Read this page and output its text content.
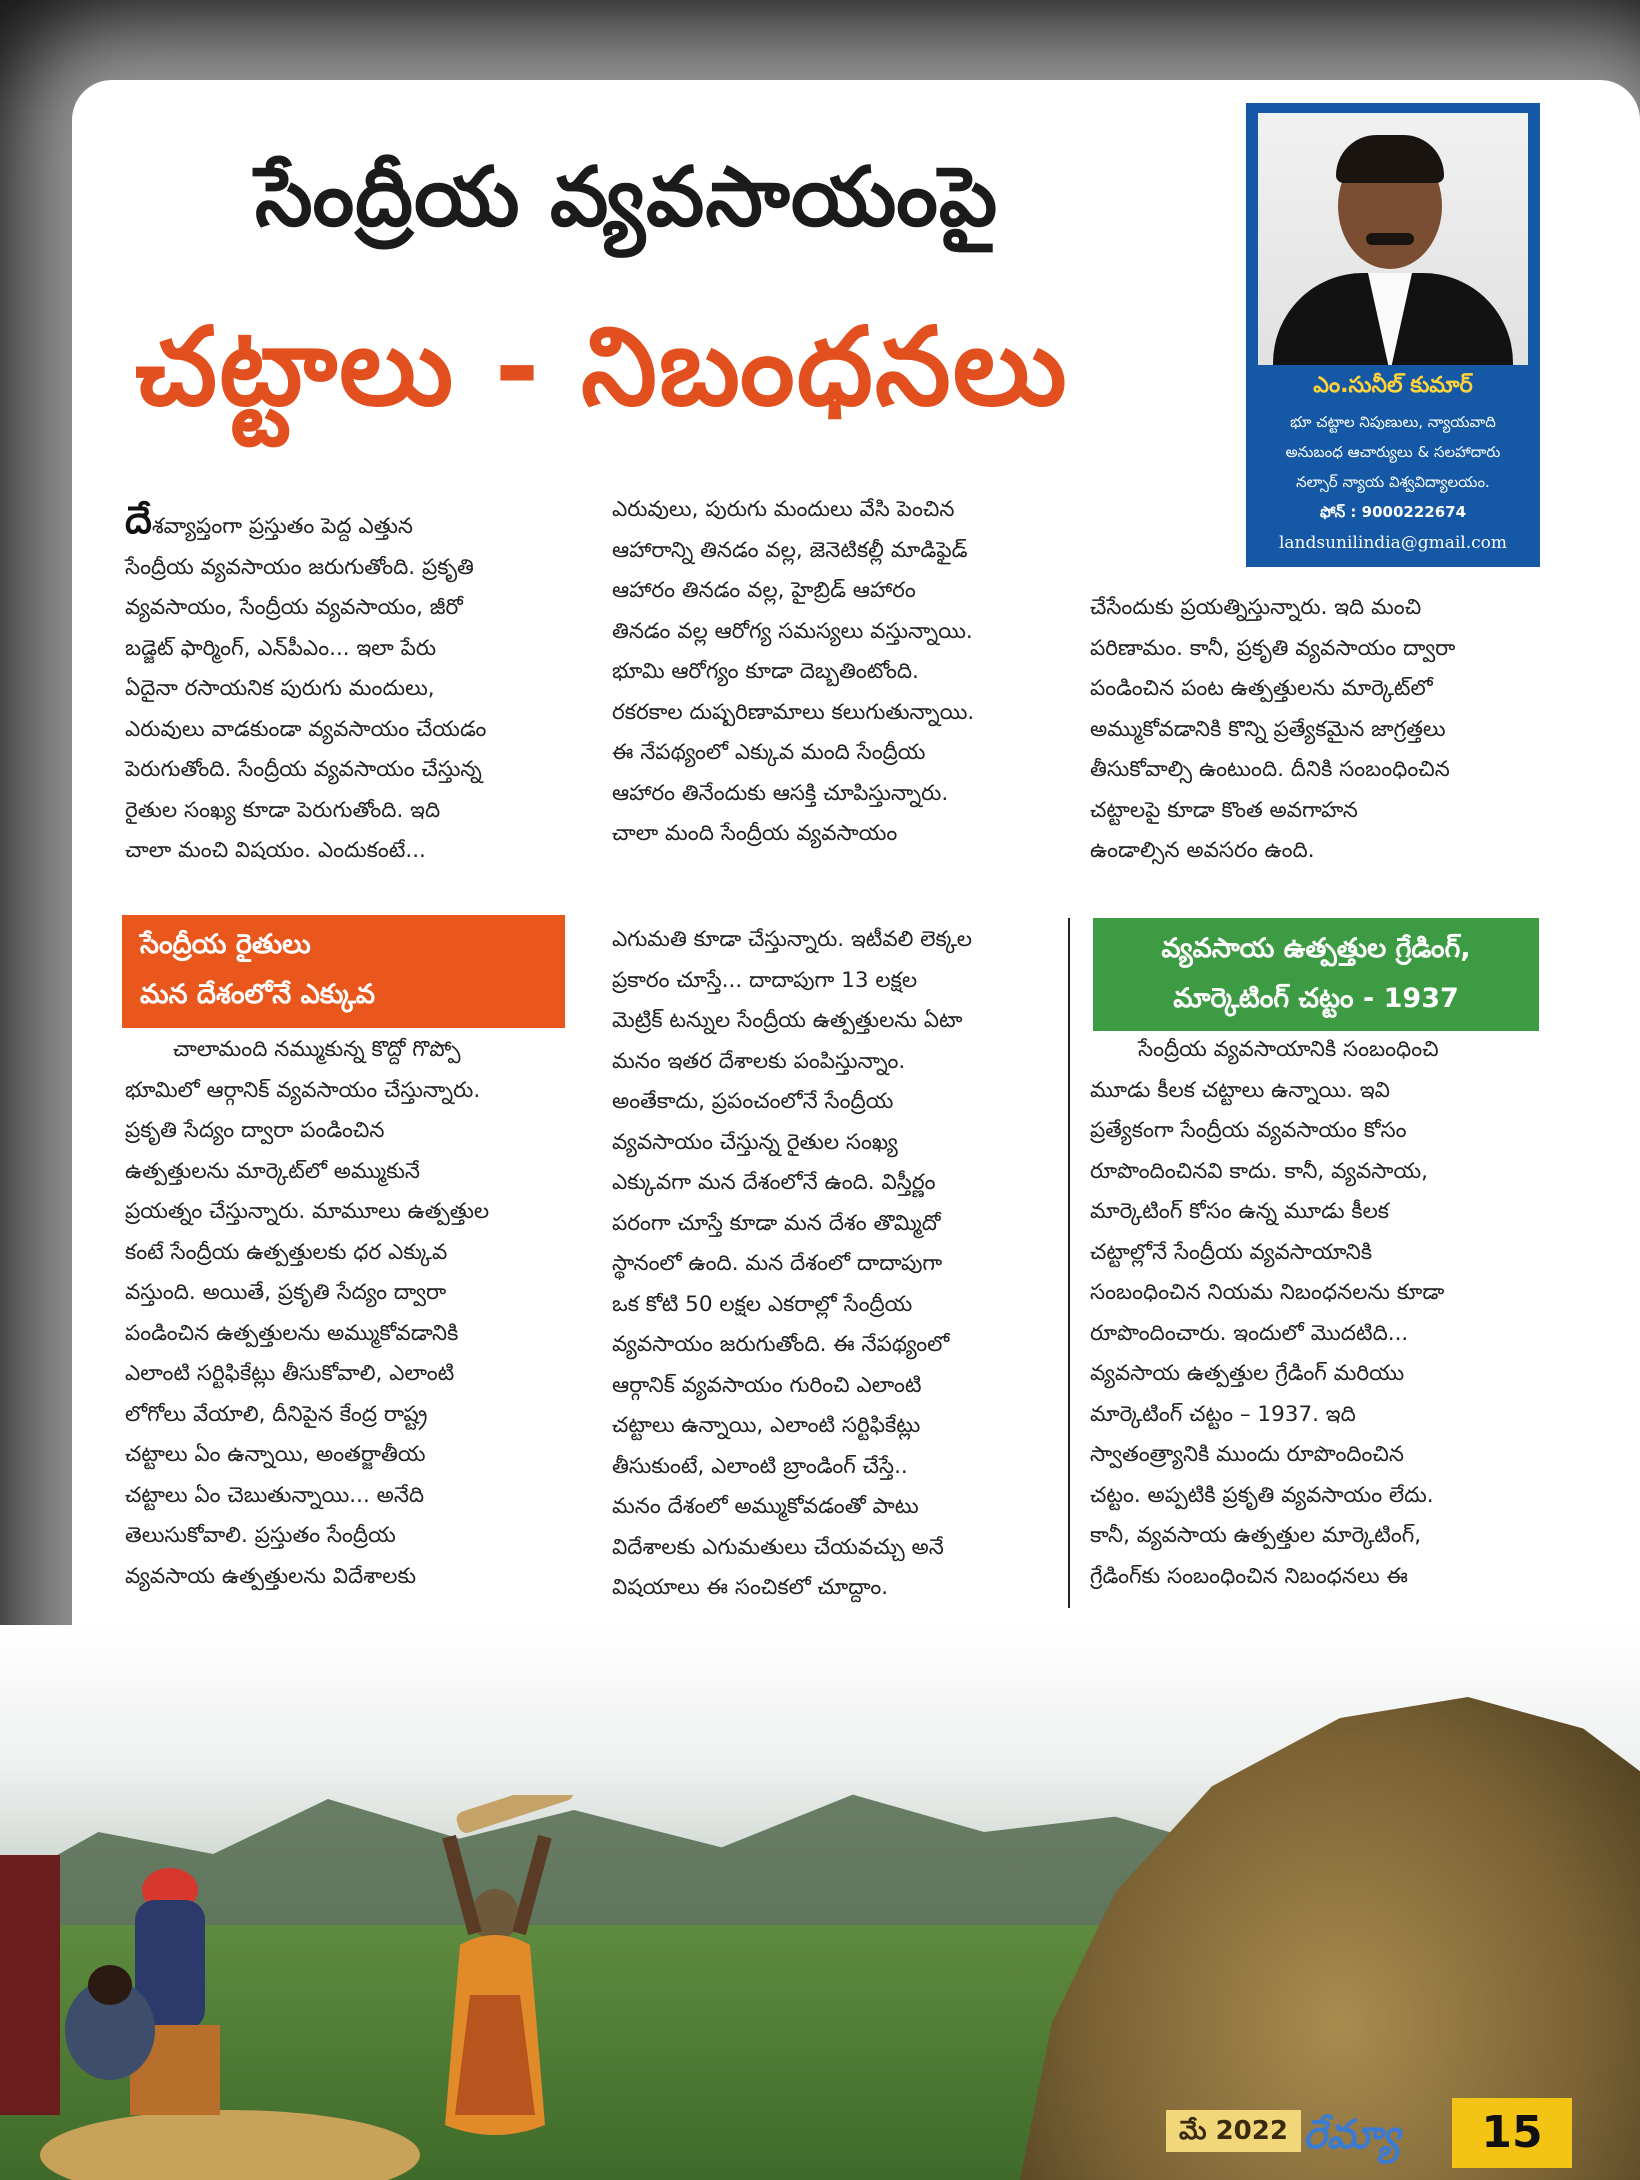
సేంద్రీయ వ్యవసాయంపై
చట్టాలు - నిబంధనలు	ఎం.సునీల్ కుమార్
భూ చట్టాల నిపుణులు, న్యాయవాది
అనుబంధ ఆచార్యులు & సలహాదారు
నల్సార్ న్యాయ విశ్వవిద్యాలయం.
ఫోన్ : 9000222674
landsunilindia@gmail.com
దేశవ్యాప్తంగా ప్రస్తుతం పెద్ద ఎత్తున
సేంద్రీయ వ్యవసాయం జరుగుతోంది. ప్రకృతి
వ్యవసాయం, సేంద్రీయ వ్యవసాయం, జీరో
బడ్జెట్ ఫార్మింగ్, ఎన్‌పీఎం... ఇలా పేరు
ఏదైనా రసాయనిక పురుగు మందులు,
ఎరువులు వాడకుండా వ్యవసాయం చేయడం
పెరుగుతోంది. సేంద్రీయ వ్యవసాయం చేస్తున్న
రైతుల సంఖ్య కూడా పెరుగుతోంది. ఇది
చాలా మంచి విషయం. ఎందుకంటే...
ఎరువులు, పురుగు మందులు వేసి పెంచిన
ఆహారాన్ని తినడం వల్ల, జెనెటికల్లీ మాడిఫైడ్
ఆహారం తినడం వల్ల, హైబ్రిడ్ ఆహారం
తినడం వల్ల ఆరోగ్య సమస్యలు వస్తున్నాయి.
భూమి ఆరోగ్యం కూడా దెబ్బతింటోంది.
రకరకాల దుష్పరిణామాలు కలుగుతున్నాయి.
ఈ నేపథ్యంలో ఎక్కువ మంది సేంద్రీయ
ఆహారం తినేందుకు ఆసక్తి చూపిస్తున్నారు.
చాలా మంది సేంద్రీయ వ్యవసాయం
చేసేందుకు ప్రయత్నిస్తున్నారు. ఇది మంచి
పరిణామం. కానీ, ప్రకృతి వ్యవసాయం ద్వారా
పండించిన పంట ఉత్పత్తులను మార్కెట్‌లో
అమ్ముకోవడానికి కొన్ని ప్రత్యేకమైన జాగ్రత్తలు
తీసుకోవాల్సి ఉంటుంది. దీనికి సంబంధించిన
చట్టాలపై కూడా కొంత అవగాహన
ఉండాల్సిన అవసరం ఉంది.
సేంద్రీయ రైతులు
మన దేశంలోనే ఎక్కువ
చాలామంది నమ్ముకున్న కొద్దో గొప్పో
భూమిలో ఆర్గానిక్ వ్యవసాయం చేస్తున్నారు.
ప్రకృతి సేద్యం ద్వారా పండించిన
ఉత్పత్తులను మార్కెట్‌లో అమ్ముకునే
ప్రయత్నం చేస్తున్నారు. మామూలు ఉత్పత్తుల
కంటే సేంద్రీయ ఉత్పత్తులకు ధర ఎక్కువ
వస్తుంది. అయితే, ప్రకృతి సేద్యం ద్వారా
పండించిన ఉత్పత్తులను అమ్ముకోవడానికి
ఎలాంటి సర్టిఫికేట్లు తీసుకోవాలి, ఎలాంటి
లోగోలు వేయాలి, దీనిపైన కేంద్ర రాష్ట్ర
చట్టాలు ఏం ఉన్నాయి, అంతర్జాతీయ
చట్టాలు ఏం చెబుతున్నాయి... అనేది
తెలుసుకోవాలి. ప్రస్తుతం సేంద్రీయ
వ్యవసాయ ఉత్పత్తులను విదేశాలకు
ఎగుమతి కూడా చేస్తున్నారు. ఇటీవలి లెక్కల
ప్రకారం చూస్తే... దాదాపుగా 13 లక్షల
మెట్రిక్ టన్నుల సేంద్రీయ ఉత్పత్తులను ఏటా
మనం ఇతర దేశాలకు పంపిస్తున్నాం.
అంతేకాదు, ప్రపంచంలోనే సేంద్రీయ
వ్యవసాయం చేస్తున్న రైతుల సంఖ్య
ఎక్కువగా మన దేశంలోనే ఉంది. విస్తీర్ణం
పరంగా చూస్తే కూడా మన దేశం తొమ్మిదో
స్థానంలో ఉంది. మన దేశంలో దాదాపుగా
ఒక కోటి 50 లక్షల ఎకరాల్లో సేంద్రీయ
వ్యవసాయం జరుగుతోంది. ఈ నేపథ్యంలో
ఆర్గానిక్ వ్యవసాయం గురించి ఎలాంటి
చట్టాలు ఉన్నాయి, ఎలాంటి సర్టిఫికేట్లు
తీసుకుంటే, ఎలాంటి బ్రాండింగ్ చేస్తే..
మనం దేశంలో అమ్ముకోవడంతో పాటు
విదేశాలకు ఎగుమతులు చేయవచ్చు అనే
విషయాలు ఈ సంచికలో చూద్దాం.
వ్యవసాయ ఉత్పత్తుల గ్రేడింగ్,
మార్కెటింగ్ చట్టం - 1937
సేంద్రీయ వ్యవసాయానికి సంబంధించి
మూడు కీలక చట్టాలు ఉన్నాయి. ఇవి
ప్రత్యేకంగా సేంద్రీయ వ్యవసాయం కోసం
రూపొందించినవి కాదు. కానీ, వ్యవసాయ,
మార్కెటింగ్ కోసం ఉన్న మూడు కీలక
చట్టాల్లోనే సేంద్రీయ వ్యవసాయానికి
సంబంధించిన నియమ నిబంధనలను కూడా
రూపొందించారు. ఇందులో మొదటిది...
వ్యవసాయ ఉత్పత్తుల గ్రేడింగ్ మరియు
మార్కెటింగ్ చట్టం – 1937. ఇది
స్వాతంత్ర్యానికి ముందు రూపొందించిన
చట్టం. అప్పటికి ప్రకృతి వ్యవసాయం లేదు.
కానీ, వ్యవసాయ ఉత్పత్తుల మార్కెటింగ్,
గ్రేడింగ్‌కు సంబంధించిన నిబంధనలు ఈ
మే 2022 రేమ్యా	15
